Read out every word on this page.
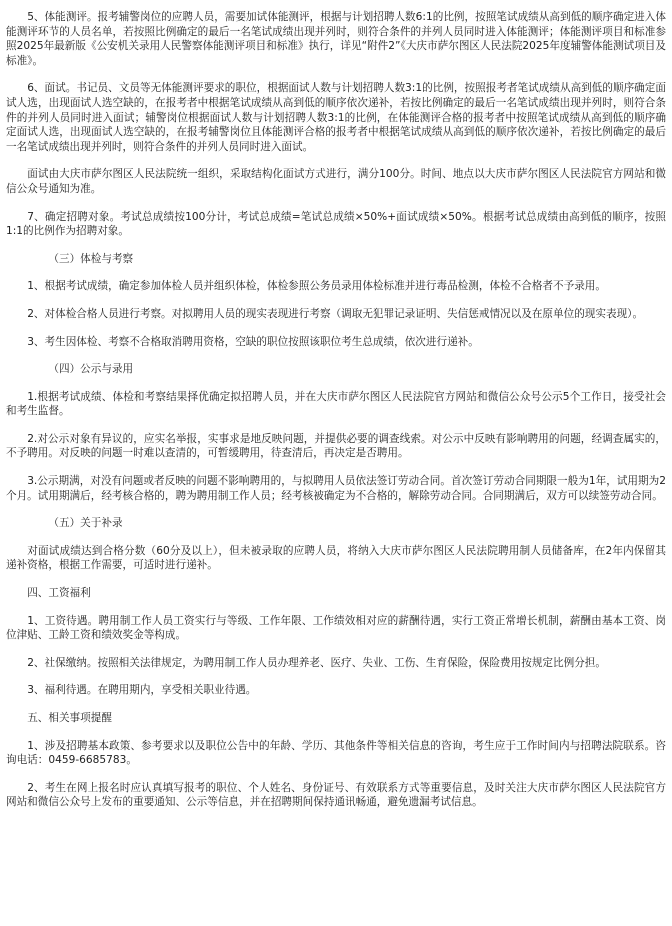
5、体能测评。报考辅警岗位的应聘人员，需要加试体能测评，根据与计划招聘人数6:1的比例，按照笔试成绩从高到低的顺序确定进入体能测评环节的人员名单，若按照比例确定的最后一名笔试成绩出现并列时，则符合条件的并列人员同时进入体能测评；体能测评项目和标准参照2025年最新版《公安机关录用人民警察体能测评项目和标准》执行，详见“附件2”《大庆市萨尔图区人民法院2025年度辅警体能测试项目及标准》。

6、面试。书记员、文员等无体能测评要求的职位，根据面试人数与计划招聘人数3:1的比例，按照报考者笔试成绩从高到低的顺序确定面试人选，出现面试人选空缺的，在报考者中根据笔试成绩从高到低的顺序依次递补，若按比例确定的最后一名笔试成绩出现并列时，则符合条件的并列人员同时进入面试；辅警岗位根据面试人数与计划招聘人数3:1的比例，在体能测评合格的报考者中按照笔试成绩从高到低的顺序确定面试人选，出现面试人选空缺的，在报考辅警岗位且体能测评合格的报考者中根据笔试成绩从高到低的顺序依次递补，若按比例确定的最后一名笔试成绩出现并列时，则符合条件的并列人员同时进入面试。

面试由大庆市萨尔图区人民法院统一组织，采取结构化面试方式进行，满分100分。时间、地点以大庆市萨尔图区人民法院官方网站和微信公众号通知为准。

7、确定招聘对象。考试总成绩按100分计，考试总成绩=笔试总成绩×50%+面试成绩×50%。根据考试总成绩由高到低的顺序，按照1:1的比例作为招聘对象。

（三）体检与考察

1、根据考试成绩，确定参加体检人员并组织体检，体检参照公务员录用体检标准并进行毒品检测，体检不合格者不予录用。

2、对体检合格人员进行考察。对拟聘用人员的现实表现进行考察（调取无犯罪记录证明、失信惩戒情况以及在原单位的现实表现）。

3、考生因体检、考察不合格取消聘用资格，空缺的职位按照该职位考生总成绩，依次进行递补。

（四）公示与录用

1.根据考试成绩、体检和考察结果择优确定拟招聘人员，并在大庆市萨尔图区人民法院官方网站和微信公众号公示5个工作日，接受社会和考生监督。

2.对公示对象有异议的，应实名举报，实事求是地反映问题，并提供必要的调查线索。对公示中反映有影响聘用的问题，经调查属实的，不予聘用。对反映的问题一时难以查清的，可暂缓聘用，待查清后，再决定是否聘用。

3.公示期满，对没有问题或者反映的问题不影响聘用的，与拟聘用人员依法签订劳动合同。首次签订劳动合同期限一般为1年，试用期为2个月。试用期满后，经考核合格的，聘为聘用制工作人员；经考核被确定为不合格的，解除劳动合同。合同期满后，双方可以续签劳动合同。

（五）关于补录

对面试成绩达到合格分数（60分及以上），但未被录取的应聘人员，将纳入大庆市萨尔图区人民法院聘用制人员储备库，在2年内保留其递补资格，根据工作需要，可适时进行递补。

四、工资福利

1、工资待遇。聘用制工作人员工资实行与等级、工作年限、工作绩效相对应的薪酬待遇，实行工资正常增长机制，薪酬由基本工资、岗位津贴、工龄工资和绩效奖金等构成。

2、社保缴纳。按照相关法律规定，为聘用制工作人员办理养老、医疗、失业、工伤、生育保险，保险费用按规定比例分担。

3、福利待遇。在聘用期内，享受相关职业待遇。

五、相关事项提醒

1、涉及招聘基本政策、参考要求以及职位公告中的年龄、学历、其他条件等相关信息的咨询，考生应于工作时间内与招聘法院联系。咨询电话：0459-6685783。

2、考生在网上报名时应认真填写报考的职位、个人姓名、身份证号、有效联系方式等重要信息，及时关注大庆市萨尔图区人民法院官方网站和微信公众号上发布的重要通知、公示等信息，并在招聘期间保持通讯畅通，避免遗漏考试信息。
